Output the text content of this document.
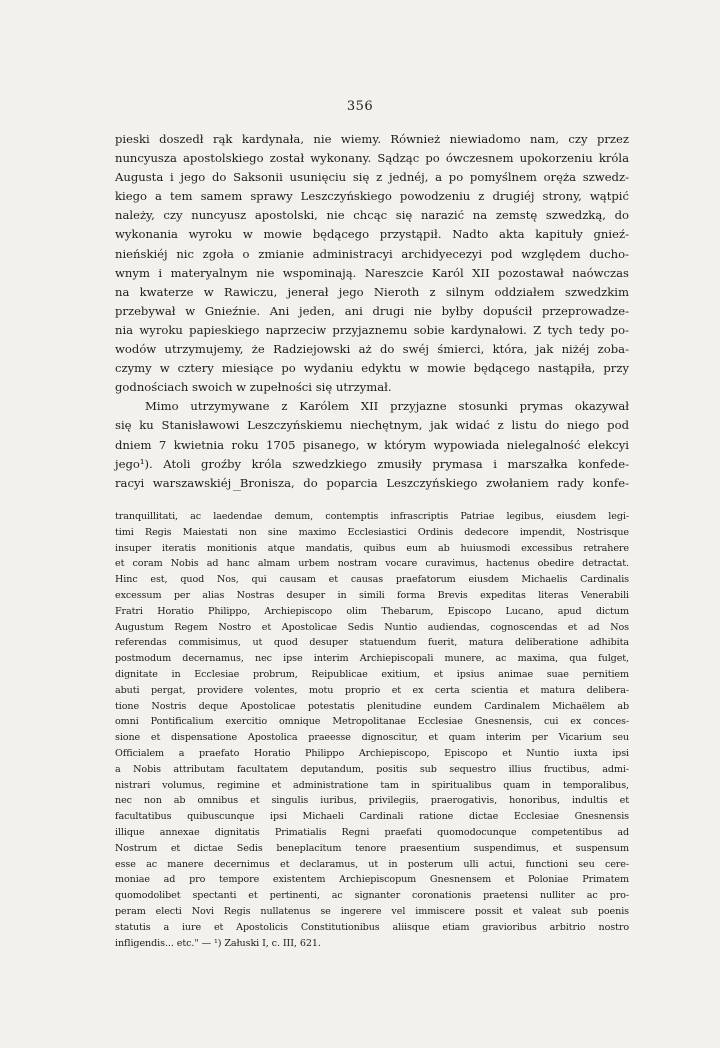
356
pieski doszedł rąk kardynała, nie wiemy. Również niewiadomo nam, czy przez
nuncyusza apostolskiego został wykonany. Sądząc po ówczesnem upokorzeniu króla
Augusta i jego do Saksonii usunięciu się z jednéj, a po pomyślnem oręża szwedz-
kiego a tem samem sprawy Leszczyńskiego powodzeniu z drugiéj strony, wątpić
należy, czy nuncyusz apostolski, nie chcąc się narazić na zemstę szwedzką, do
wykonania wyroku w mowie będącego przystąpił. Nadto akta kapituły gnieź-
nieńskiéj nic zgoła o zmianie administracyi archidyecezyi pod względem ducho-
wnym i materyalnym nie wspominają. Nareszcie Karól XII pozostawał naówczas
na kwaterze w Rawiczu, jenerał jego Nieroth z silnym oddziałem szwedzkim
przebywał w Gnieźnie. Ani jeden, ani drugi nie byłby dopuścił przeprowadze-
nia wyroku papieskiego naprzeciw przyjaznemu sobie kardynałowi. Z tych tedy po-
wodów utrzymujemy, że Radziejowski aż do swéj śmierci, która, jak niżéj zoba-
czymy w cztery miesiące po wydaniu edyktu w mowie będącego nastąpiła, przy
godnościach swoich w zupełności się utrzymał.
Mimo utrzymywane z Karólem XII przyjazne stosunki prymas okazywał
się ku Stanisławowi Leszczyńskiemu niechętnym, jak widać z listu do niego pod
dniem 7 kwietnia roku 1705 pisanego, w którym wypowiada nielegalność elekcyi
jego¹). Atoli groźby króla szwedzkiego zmusiły prymasa i marszałka konfede-
racyi warszawskiéj Bronisza, do poparcia Leszczyńskiego zwołaniem rady konfe-
tranquillitati, ac laedendae demum, contemptis infrascriptis Patriae legibus, eiusdem legi-
timi Regis Maiestati non sine maximo Ecclesiastici Ordinis dedecore impendit, Nostrisque
insuper iteratis monitionis atque mandatis, quibus eum ab huiusmodi excessibus retrahere
et coram Nobis ad hanc almam urbem nostram vocare curavimus, hactenus obedire detractat.
Hinc est, quod Nos, qui causam et causas praefatorum eiusdem Michaelis Cardinalis
excessum per alias Nostras desuper in simili forma Brevis expeditas literas Venerabili
Fratri Horatio Philippo, Archiepiscopo olim Thebarum, Episcopo Lucano, apud dictum
Augustum Regem Nostro et Apostolicae Sedis Nuntio audiendas, cognoscendas et ad Nos
referendas commisimus, ut quod desuper statuendum fuerit, matura deliberatione adhibita
postmodum decernamus, nec ipse interim Archiepiscopali munere, ac maxima, qua fulget,
dignitate in Ecclesiae probrum, Reipublicae exitium, et ipsius animae suae pernitiem
abuti pergat, providere volentes, motu proprio et ex certa scientia et matura delibera-
tione Nostris deque Apostolicae potestatis plenitudine eundem Cardinalem Michaëlem ab
omni Pontificalium exercitio omnique Metropolitanae Ecclesiae Gnesnensis, cui ex conces-
sione et dispensatione Apostolica praeesse dignoscitur, et quam interim per Vicarium seu
Officialem a praefato Horatio Philippo Archiepiscopo, Episcopo et Nuntio iuxta ipsi
a Nobis attributam facultatem deputandum, positis sub sequestro illius fructibus, admi-
nistrari volumus, regimine et administratione tam in spiritualibus quam in temporalibus,
nec non ab omnibus et singulis iuribus, privilegiis, praerogativis, honoribus, indultis et
facultatibus quibuscunque ipsi Michaeli Cardinali ratione dictae Ecclesiae Gnesnensis
illique annexae dignitatis Primatialis Regni praefati quomodocunque competentibus ad
Nostrum et dictae Sedis beneplacitum tenore praesentium suspendimus, et suspensum
esse ac manere decernimus et declaramus, ut in posterum ulli actui, functioni seu cere-
moniae ad pro tempore existentem Archiepiscopum Gnesnensem et Poloniae Primatem
quomodolibet spectanti et pertinenti, ac signanter coronationis praetensi nulliter ac pro-
peram electi Novi Regis nullatenus se ingerere vel immiscere possit et valeat sub poenis
statutis a iure et Apostolicis Constitutionibus aliisque etiam gravioribus arbitrio nostro
infligendis... etc." — ¹) Załuski I, c. III, 621.
